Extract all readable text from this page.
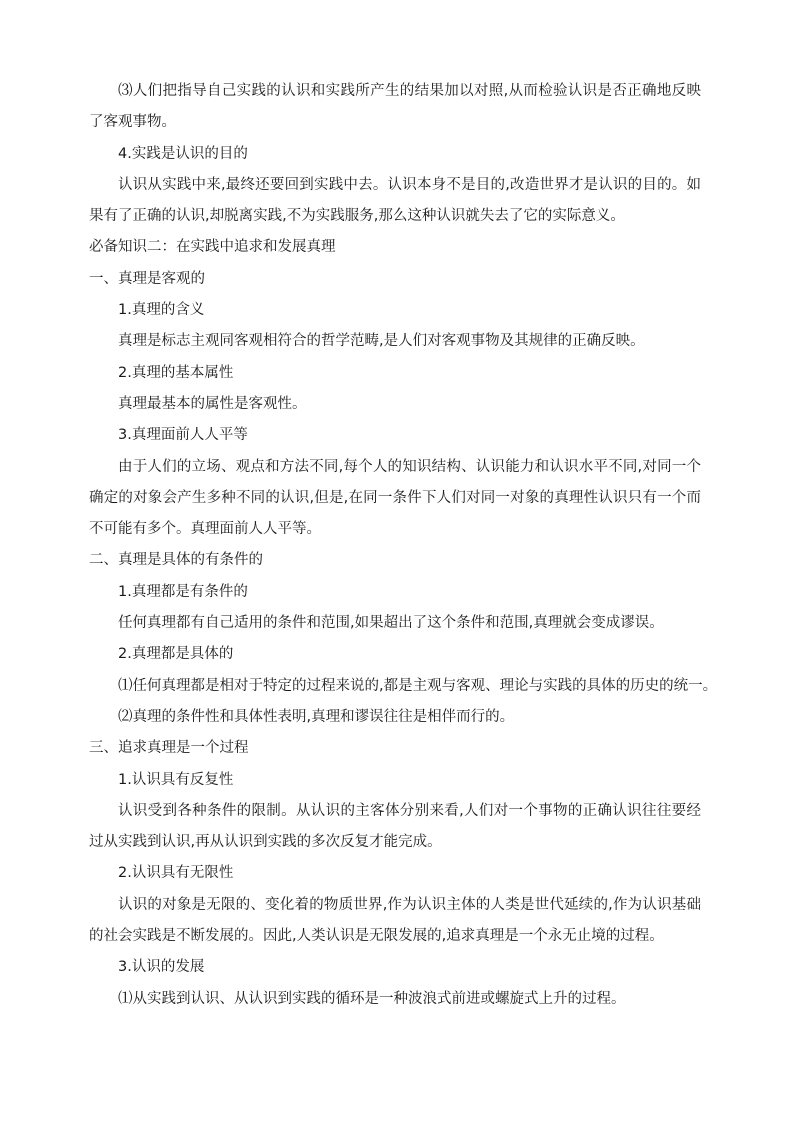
⑶人们把指导自己实践的认识和实践所产生的结果加以对照,从而检验认识是否正确地反映了客观事物。

4.实践是认识的目的

认识从实践中来,最终还要回到实践中去。认识本身不是目的,改造世界才是认识的目的。如果有了正确的认识,却脱离实践,不为实践服务,那么这种认识就失去了它的实际意义。

必备知识二：在实践中追求和发展真理

一、真理是客观的

1.真理的含义

真理是标志主观同客观相符合的哲学范畴,是人们对客观事物及其规律的正确反映。

2.真理的基本属性

真理最基本的属性是客观性。

3.真理面前人人平等

由于人们的立场、观点和方法不同,每个人的知识结构、认识能力和认识水平不同,对同一个确定的对象会产生多种不同的认识,但是,在同一条件下人们对同一对象的真理性认识只有一个而不可能有多个。真理面前人人平等。

二、真理是具体的有条件的

1.真理都是有条件的

任何真理都有自己适用的条件和范围,如果超出了这个条件和范围,真理就会变成谬误。

2.真理都是具体的

⑴任何真理都是相对于特定的过程来说的,都是主观与客观、理论与实践的具体的历史的统一。

⑵真理的条件性和具体性表明,真理和谬误往往是相伴而行的。

三、追求真理是一个过程

1.认识具有反复性

认识受到各种条件的限制。从认识的主客体分别来看,人们对一个事物的正确认识往往要经过从实践到认识,再从认识到实践的多次反复才能完成。

2.认识具有无限性

认识的对象是无限的、变化着的物质世界,作为认识主体的人类是世代延续的,作为认识基础的社会实践是不断发展的。因此,人类认识是无限发展的,追求真理是一个永无止境的过程。

3.认识的发展

⑴从实践到认识、从认识到实践的循环是一种波浪式前进或螺旋式上升的过程。
